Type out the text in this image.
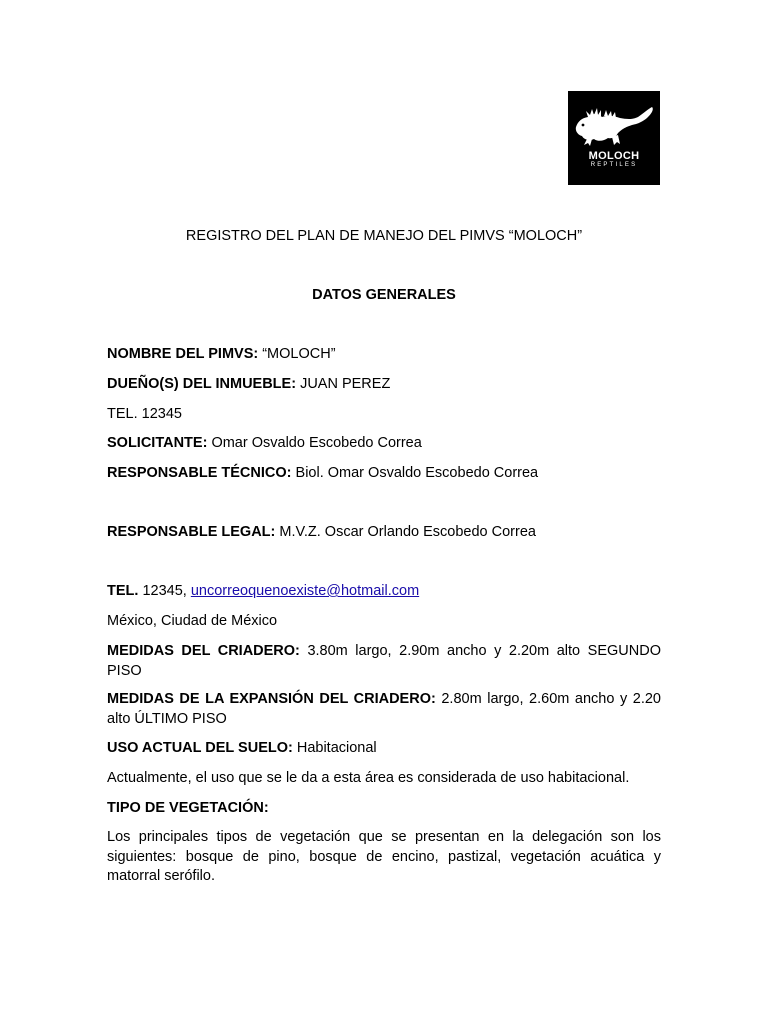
MOLOCH
REPTILES
REGISTRO DEL PLAN DE MANEJO DEL PIMVS “MOLOCH”
DATOS GENERALES
NOMBRE DEL PIMVS: “MOLOCH”
DUEÑO(S) DEL INMUEBLE: JUAN PEREZ
TEL. 12345
SOLICITANTE: Omar Osvaldo Escobedo Correa
RESPONSABLE TÉCNICO: Biol. Omar Osvaldo Escobedo Correa
RESPONSABLE LEGAL: M.V.Z. Oscar Orlando Escobedo Correa
TEL. 12345, uncorreoquenoexiste@hotmail.com
México, Ciudad de México
MEDIDAS DEL CRIADERO: 3.80m largo, 2.90m ancho y 2.20m alto SEGUNDO PISO
MEDIDAS DE LA EXPANSIÓN DEL CRIADERO: 2.80m largo, 2.60m ancho y 2.20 alto ÚLTIMO PISO
USO ACTUAL DEL SUELO: Habitacional
Actualmente, el uso que se le da a esta área es considerada de uso habitacional.
TIPO DE VEGETACIÓN:
Los principales tipos de vegetación que se presentan en la delegación son los siguientes: bosque de pino, bosque de encino, pastizal, vegetación acuática y matorral serófilo.
